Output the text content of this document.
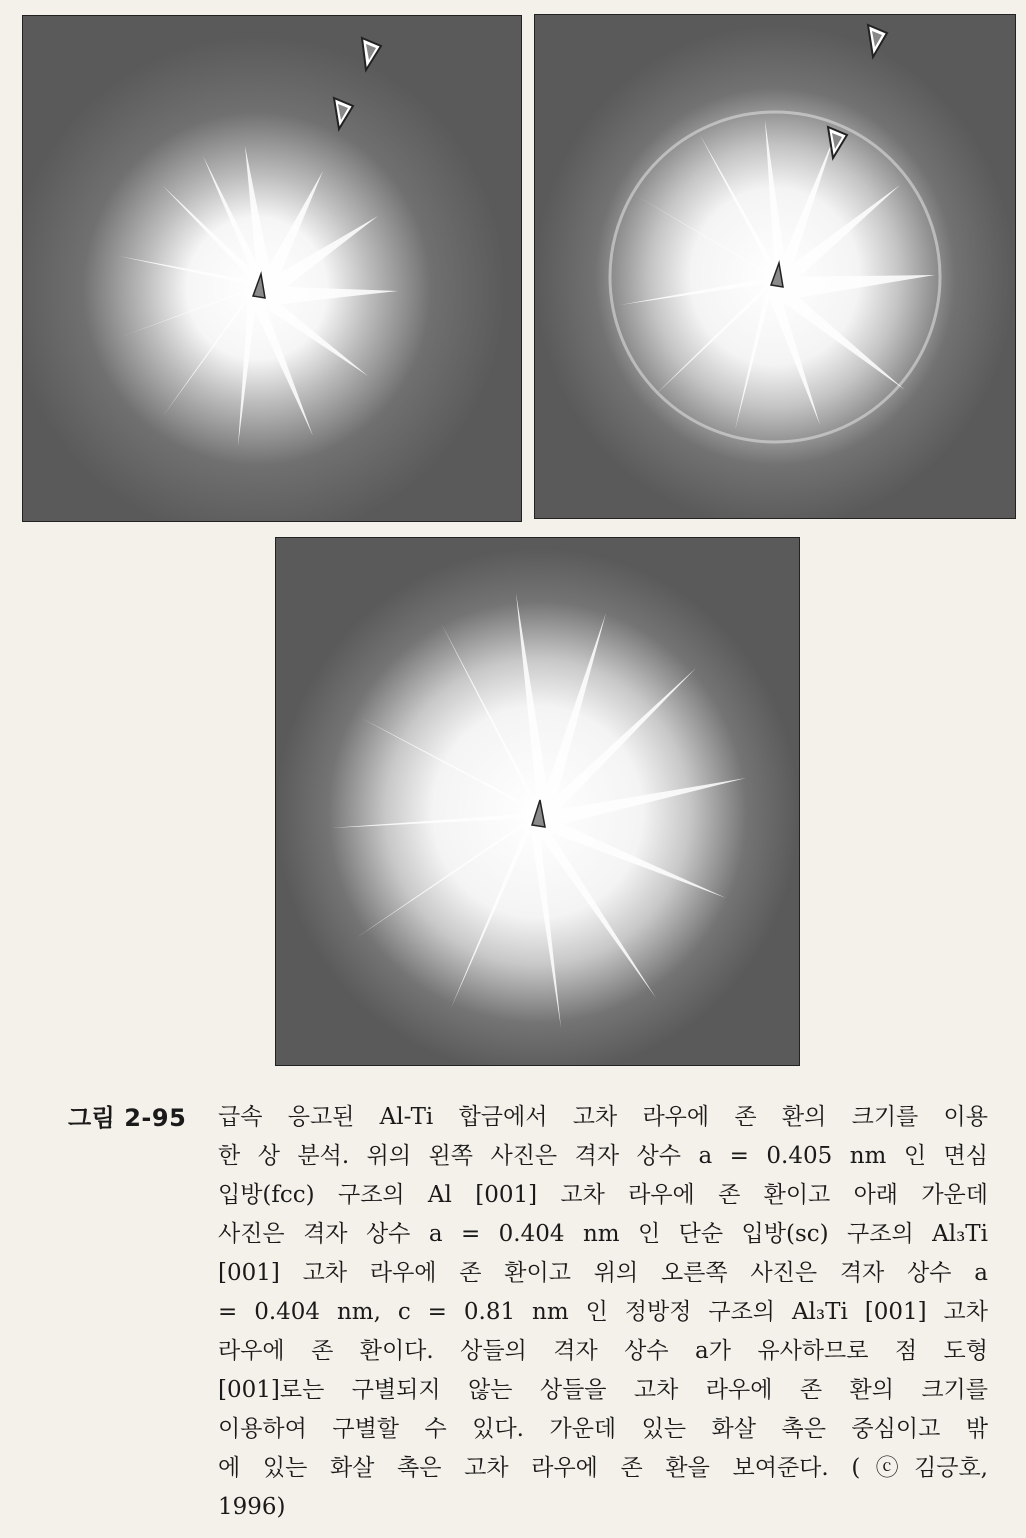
그림 2-95 급속 응고된 Al-Ti 합금에서 고차 라우에 존 환의 크기를 이용
한 상 분석. 위의 왼쪽 사진은 격자 상수 a = 0.405 nm 인 면심
입방(fcc) 구조의 Al [001] 고차 라우에 존 환이고 아래 가운데
사진은 격자 상수 a = 0.404 nm 인 단순 입방(sc) 구조의 Al₃Ti
[001] 고차 라우에 존 환이고 위의 오른쪽 사진은 격자 상수 a
= 0.404 nm, c = 0.81 nm 인 정방정 구조의 Al₃Ti [001] 고차
라우에 존 환이다. 상들의 격자 상수 a가 유사하므로 점 도형
[001]로는 구별되지 않는 상들을 고차 라우에 존 환의 크기를
이용하여 구별할 수 있다. 가운데 있는 화살 촉은 중심이고 밖
에 있는 화살 촉은 고차 라우에 존 환을 보여준다. (ⓒ김긍호,
1996)
